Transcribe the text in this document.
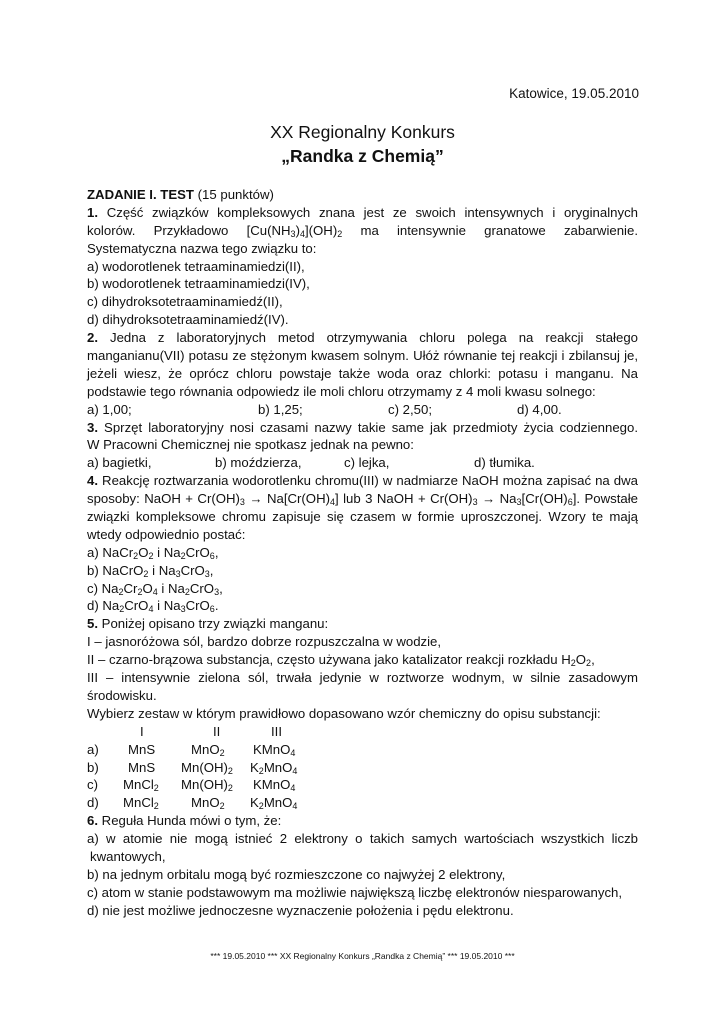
Katowice, 19.05.2010
XX Regionalny Konkurs
„Randka z Chemią”
ZADANIE I. TEST (15 punktów)
1. Część związków kompleksowych znana jest ze swoich intensywnych i oryginalnych
kolorów. Przykładowo $[Cu(NH_3)_4](OH)_2$ ma intensywnie granatowe zabarwienie.
Systematyczna nazwa tego związku to:
a) wodorotlenek tetraaminamiedzi(II),
b) wodorotlenek tetraaminamiedzi(IV),
c) dihydroksotetraaminamiedź(II),
d) dihydroksotetraaminamiedź(IV).
2. Jedna z laboratoryjnych metod otrzymywania chloru polega na reakcji stałego
manganianu(VII) potasu ze stężonym kwasem solnym. Ułóż równanie tej reakcji i zbilansuj je,
jeżeli wiesz, że oprócz chloru powstaje także woda oraz chlorki: potasu i manganu. Na
podstawie tego równania odpowiedz ile moli chloru otrzymamy z 4 moli kwasu solnego:
a) 1,00;	b) 1,25;	c) 2,50;	d) 4,00.
3. Sprzęt laboratoryjny nosi czasami nazwy takie same jak przedmioty życia codziennego.
W Pracowni Chemicznej nie spotkasz jednak na pewno:
a) bagietki,	b) moździerza,	c) lejka,	d) tłumika.
4. Reakcję roztwarzania wodorotlenku chromu(III) w nadmiarze NaOH można zapisać na dwa
sposoby: NaOH + $Cr(OH)_3 \to Na[Cr(OH)_4]$ lub 3 NaOH + $Cr(OH)_3 \to Na_3[Cr(OH)_6]$. Powstałe
związki kompleksowe chromu zapisuje się czasem w formie uproszczonej. Wzory te mają
wtedy odpowiednio postać:
a) $NaCr_2O_2$ i $Na_2CrO_6$,
b) NaCrO$_2$ i $Na_3CrO_3$,
c) $Na_2Cr_2O_4$ i $Na_2CrO_3$,
d) $Na_2CrO_4$ i $Na_3CrO_6$.
5. Poniżej opisano trzy związki manganu:
I – jasnoróżowa sól, bardzo dobrze rozpuszczalna w wodzie,
II – czarno-brązowa substancja, często używana jako katalizator reakcji rozkładu $H_2O_2$,
III – intensywnie zielona sól, trwała jedynie w roztworze wodnym, w silnie zasadowym
środowisku.
Wybierz zestaw w którym prawidłowo dopasowano wzór chemiczny do opisu substancji:
I	II	III
a) MnS	MnO$_2$ KMnO$_4$
b) MnS $Mn(OH)_2$ $K_2MnO_4$
c) MnCl$_2$ $Mn(OH)_2$ KMnO$_4$
d) MnCl$_2$ MnO$_2$ $K_2MnO_4$
6. Reguła Hunda mówi o tym, że:
a) w atomie nie mogą istnieć 2 elektrony o takich samych wartościach wszystkich liczb
kwantowych,
b) na jednym orbitalu mogą być rozmieszczone co najwyżej 2 elektrony,
c) atom w stanie podstawowym ma możliwie największą liczbę elektronów niesparowanych,
d) nie jest możliwe jednoczesne wyznaczenie położenia i pędu elektronu.
*** 19.05.2010 *** XX Regionalny Konkurs „Randka z Chemią” *** 19.05.2010 ***
